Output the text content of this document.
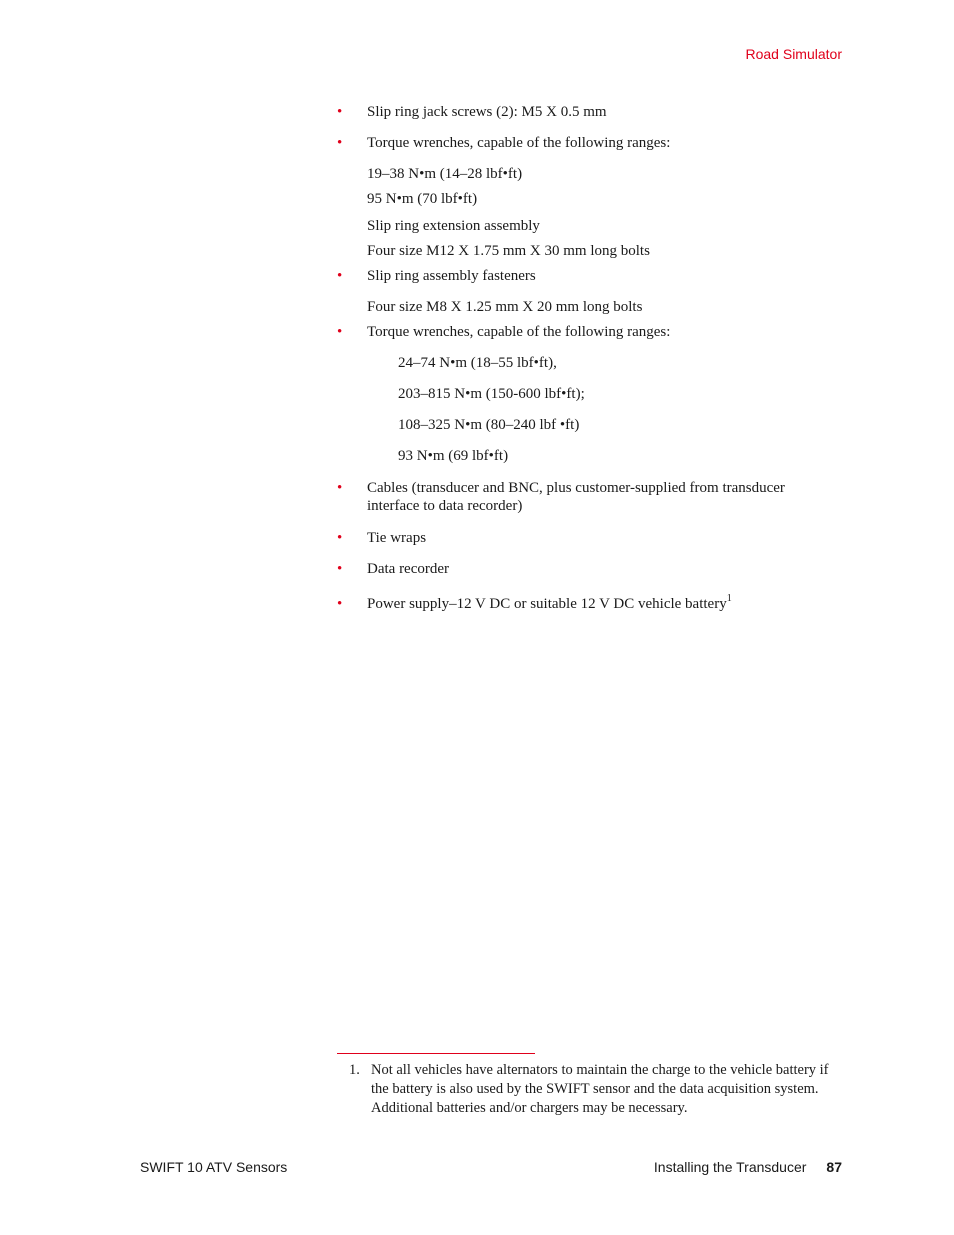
Road Simulator
• Slip ring jack screws (2): M5 X 0.5 mm
• Torque wrenches, capable of the following ranges:
19–38 N•m (14–28 lbf•ft)
95 N•m (70 lbf•ft)
Slip ring extension assembly
Four size M12 X 1.75 mm X 30 mm long bolts
• Slip ring assembly fasteners
Four size M8 X 1.25 mm X 20 mm long bolts
• Torque wrenches, capable of the following ranges:
24–74 N•m (18–55 lbf•ft),
203–815 N•m (150-600 lbf•ft);
108–325 N•m (80–240 lbf •ft)
93 N•m (69 lbf•ft)
• Cables (transducer and BNC, plus customer-supplied from transducer interface to data recorder)
• Tie wraps
• Data recorder
• Power supply–12 V DC or suitable 12 V DC vehicle battery$^1$
1. Not all vehicles have alternators to maintain the charge to the vehicle battery if the battery is also used by the SWIFT sensor and the data acquisition system. Additional batteries and/or chargers may be necessary.
SWIFT 10 ATV Sensors	Installing the Transducer 87
